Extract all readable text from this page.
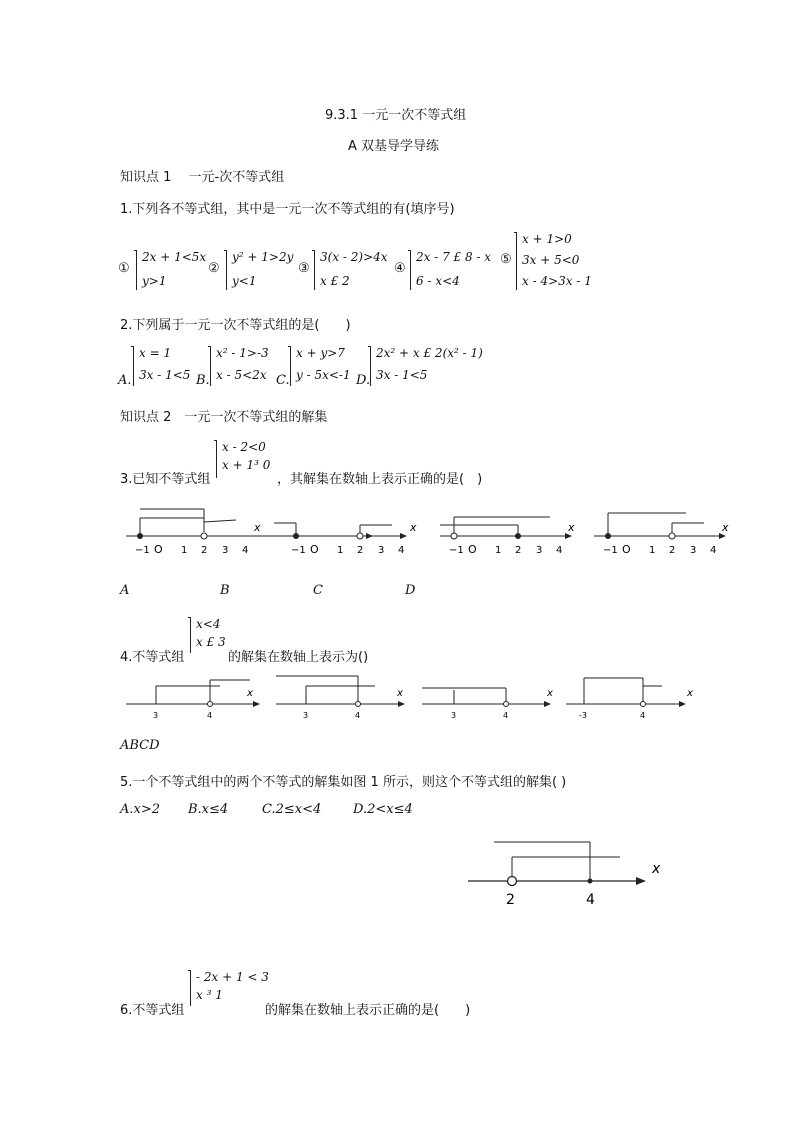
9.3.1 一元一次不等式组
A 双基导学导练
知识点 1　 一元-次不等式组
1.下列各不等式组，其中是一元一次不等式组的有(填序号)
①
2x + 1<5x
y>1
②
y² + 1>2y
y<1
③
3(x - 2)>4x
x £ 2
④
2x - 7 £ 8 - x
6 - x<4
⑤
x + 1>0
3x + 5<0
x - 4>3x - 1
2.下列属于一元一次不等式组的是(　　)
A.
x = 1
3x - 1<5 B.
x² - 1>-3
x - 5<2x C.
x + y>7
y - 5x<-1 D.
2x² + x £ 2(x² - 1)
3x - 1<5
知识点 2　一元一次不等式组的解集
3.已知不等式组
x - 2<0
x + 1³ 0
，其解集在数轴上表示正确的是(　)
x
−1 O 1 2 3 4
x
−1 O 1 2 3 4
x
−1 O 1 2 3 4
x
−1 O 1 2 3 4
A	B	C	D
4.不等式组
x<4
x £ 3
的解集在数轴上表示为()
x
3	4
x
3	4
x
3	4
x
-3	4
ABCD
5.一个不等式组中的两个不等式的解集如图 1 所示，则这个不等式组的解集( )
A.x>2 B.x≤4	C.2≤x<4 D.2<x≤4
x
2	4
6.不等式组
- 2x + 1 < 3
x ³ 1
的解集在数轴上表示正确的是(　　)
